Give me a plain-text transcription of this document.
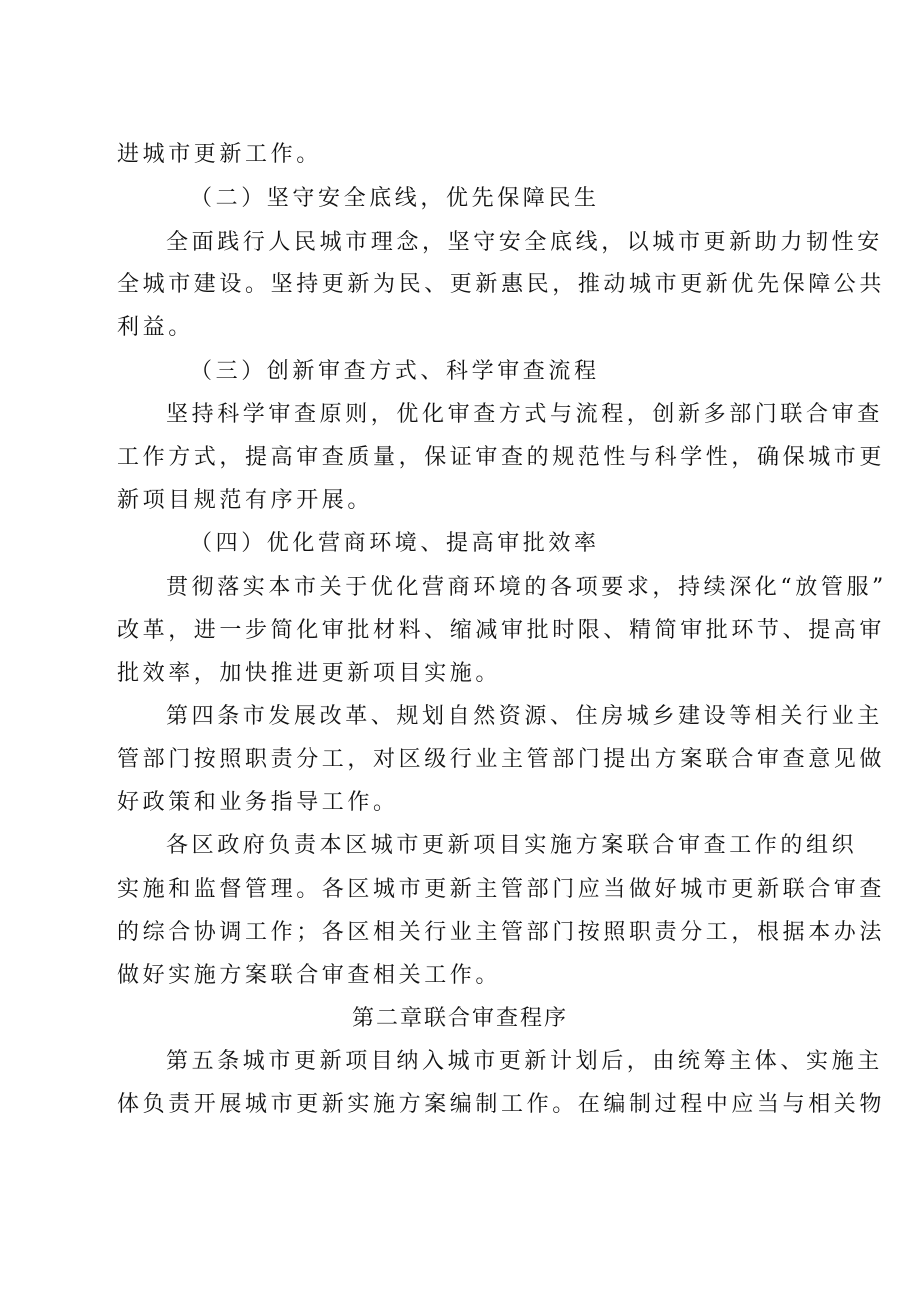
进城市更新工作。
（二）坚守安全底线，优先保障民生
全面践行人民城市理念，坚守安全底线，以城市更新助力韧性安
全城市建设。坚持更新为民、更新惠民，推动城市更新优先保障公共
利益。
（三）创新审查方式、科学审查流程
坚持科学审查原则，优化审查方式与流程，创新多部门联合审查
工作方式，提高审查质量，保证审查的规范性与科学性，确保城市更
新项目规范有序开展。
（四）优化营商环境、提高审批效率
贯彻落实本市关于优化营商环境的各项要求，持续深化“放管服”
改革，进一步简化审批材料、缩减审批时限、精简审批环节、提高审
批效率，加快推进更新项目实施。
第四条市发展改革、规划自然资源、住房城乡建设等相关行业主
管部门按照职责分工，对区级行业主管部门提出方案联合审查意见做
好政策和业务指导工作。
各区政府负责本区城市更新项目实施方案联合审查工作的组织
实施和监督管理。各区城市更新主管部门应当做好城市更新联合审查
的综合协调工作；各区相关行业主管部门按照职责分工，根据本办法
做好实施方案联合审查相关工作。
第二章联合审查程序
第五条城市更新项目纳入城市更新计划后，由统筹主体、实施主
体负责开展城市更新实施方案编制工作。在编制过程中应当与相关物
